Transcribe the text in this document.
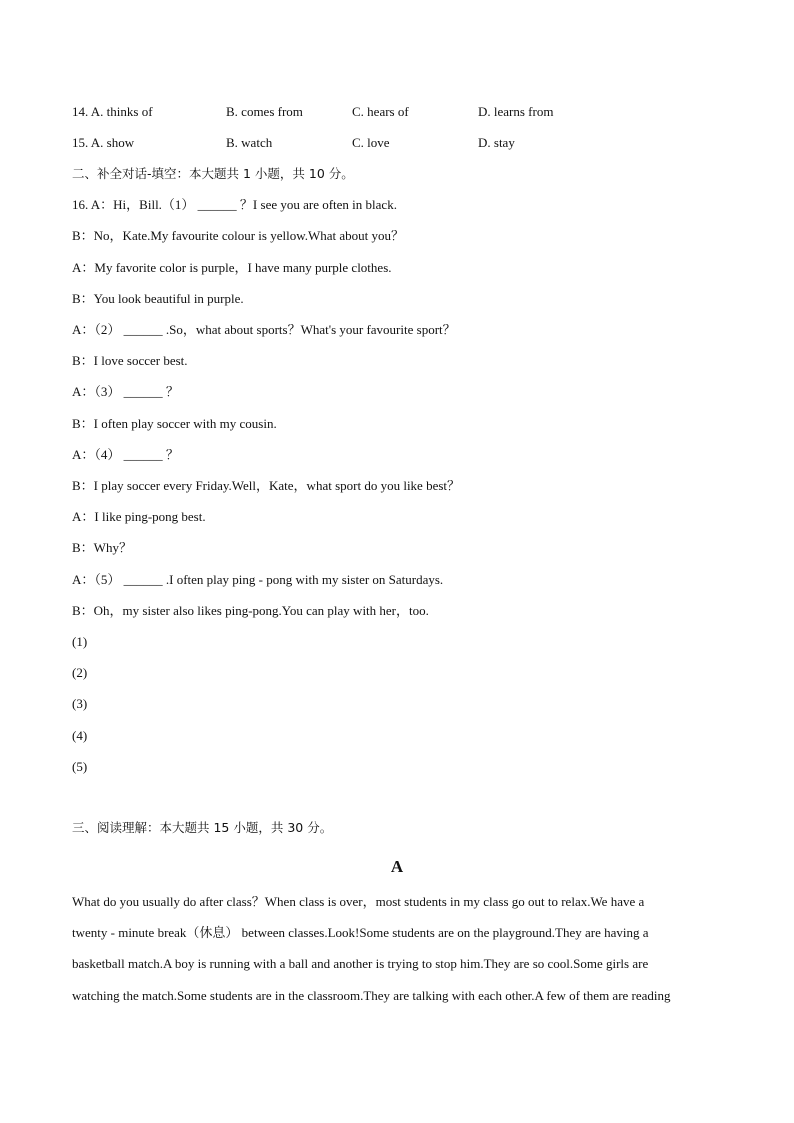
14. A. thinks of	B. comes from	C. hears of	D. learns from
15. A. show	B. watch	C. love	D. stay
二、补全对话-填空：本大题共 1 小题，共 10 分。
16. A：Hi，Bill.（1） ______ ？I see you are often in black.
B：No，Kate.My favourite colour is yellow.What about you？
A：My favorite color is purple，I have many purple clothes.
B：You look beautiful in purple.
A：（2） ______ .So，what about sports？What's your favourite sport？
B：I love soccer best.
A：（3） ______ ？
B：I often play soccer with my cousin.
A：（4） ______ ？
B：I play soccer every Friday.Well，Kate，what sport do you like best？
A：I like ping-pong best.
B：Why？
A：（5） ______ .I often play ping - pong with my sister on Saturdays.
B：Oh，my sister also likes ping-pong.You can play with her，too.
(1)
(2)
(3)
(4)
(5)
三、阅读理解：本大题共 15 小题，共 30 分。
A
What do you usually do after class？When class is over，most students in my class go out to relax.We have a
twenty - minute break（休息） between classes.Look!Some students are on the playground.They are having a
basketball match.A boy is running with a ball and another is trying to stop him.They are so cool.Some girls are
watching the match.Some students are in the classroom.They are talking with each other.A few of them are reading
